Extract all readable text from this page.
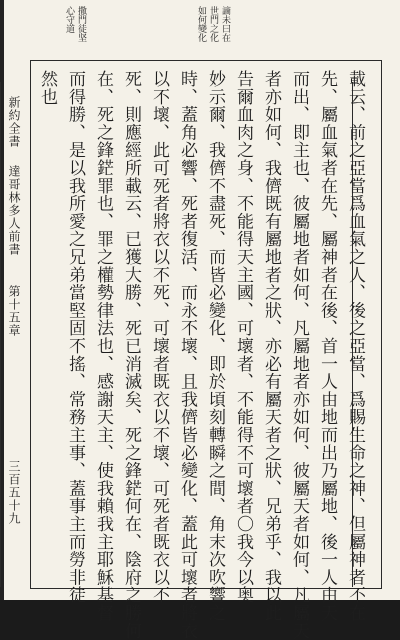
謫未曰在
世門之化
如何變化
撒門徒坚
心守道
載云、前之亞當爲血氣之人、後之亞當、爲賜生命之神、但屬神者不在
先、屬血氣者在先、屬神者在後、首一人由地而出乃屬地、後一人由天
而出、即主也、彼屬地者如何、凡屬地者亦如何、彼屬天者如何、凡屬天
者亦如何、我儕既有屬地者之狀、亦必有屬天者之狀、兄弟乎、我以此
告爾血肉之身、不能得天主國、可壞者、不能得不可壞者〇我今以奥
妙示爾、我儕不盡死、而皆必變化、即於頃刻轉瞬之間、角末次吹響之
時、蓋角必響、死者復活、而永不壞、且我儕皆必變化、蓋此可壞者將衣
以不壞、此可死者將衣以不死、可壞者既衣以不壞、可死者既衣以不
死、則應經所載云、已獲大勝、死已消滅矣、死之鋒鋩何在、陰府之勝何
在、死之鋒鋩罪也、罪之權勢律法也、感謝天主、使我賴我主耶穌基督
而得勝、是以我所愛之兄弟當堅固不搖、常務主事、蓋事主而勞非徒
然也
新約全書
第十五章
三百五十九
達哥林多人前書
